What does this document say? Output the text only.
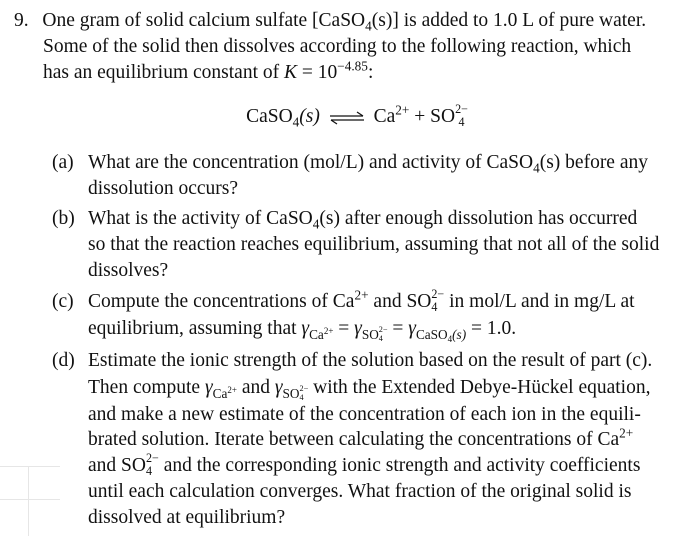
9. One gram of solid calcium sulfate [CaSO$_4$(s)] is added to 1.0 L of pure water.
Some of the solid then dissolves according to the following reaction, which
has an equilibrium constant of $K = 10^{-4.85}$:
CaSO$_4$(s) ⇌ $Ca^{2+}$ + SO 2−
4
(a) What are the concentration (mol/L) and activity of CaSO$_4$(s) before any
dissolution occurs?
(b) What is the activity of CaSO$_4$(s) after enough dissolution has occurred
so that the reaction reaches equilibrium, assuming that not all of the solid
dissolves?
(c) Compute the concentrations of $Ca^{2+}$ and SO 2−
4 in mol/L and in mg/L at
equilibrium, assuming that $\gamma_{Ca^{2+}} = \gamma_{SO 2- 4} = \gamma_{CaSO_4(s)} = 1.0$.
(d) Estimate the ionic strength of the solution based on the result of part (c).
Then compute $\gamma_{Ca^{2+}}$ and $\gamma_{SO 2- 4}$ with the Extended Debye-Hückel equation,
and make a new estimate of the concentration of each ion in the equili-
brated solution. Iterate between calculating the concentrations of $Ca^{2+}$
and SO 2−
4 and the corresponding ionic strength and activity coefficients
until each calculation converges. What fraction of the original solid is
dissolved at equilibrium?
